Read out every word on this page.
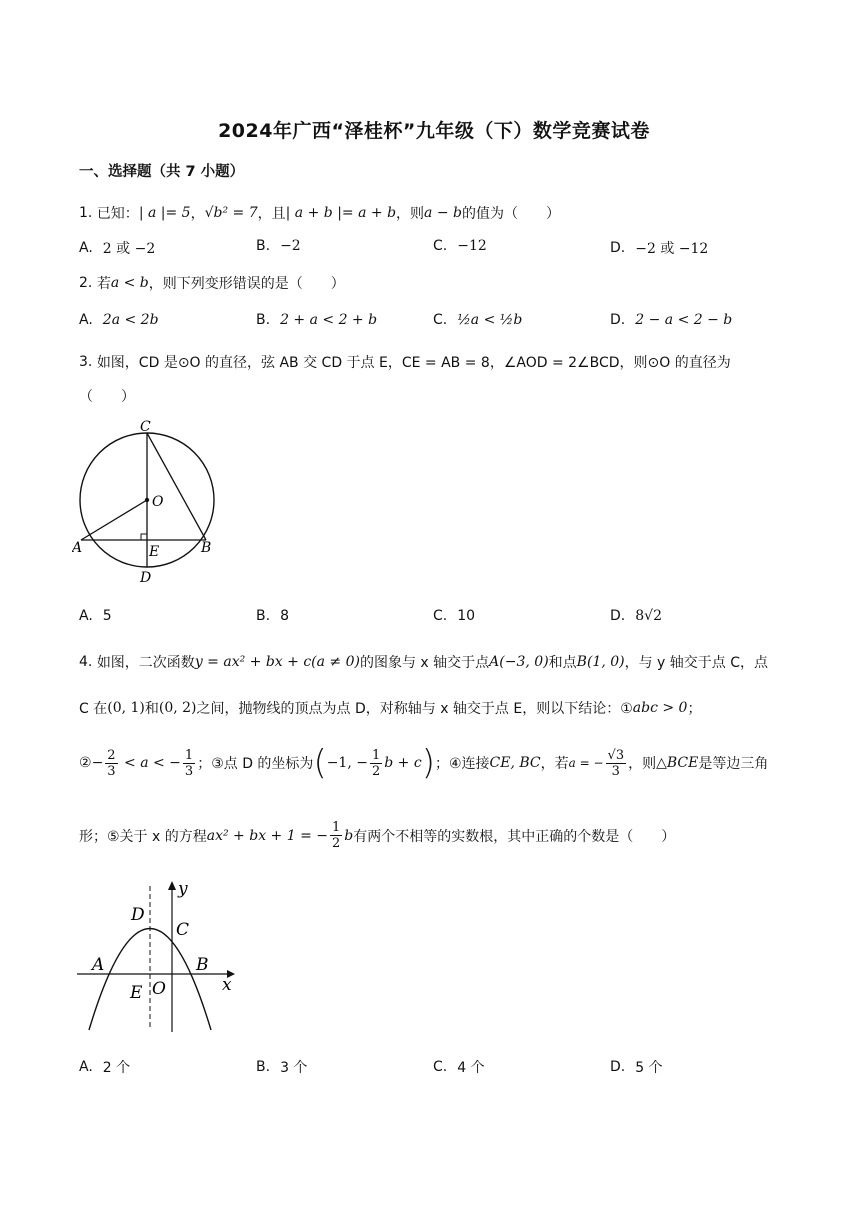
2024年广西“泽桂杯”九年级（下）数学竞赛试卷
一、选择题（共 7 小题）
1.
已知： | a |= 5 ， √b² = 7 ，且 | a + b |= a + b ，则 a − b 的值为（　　）
A. 2 或 −2	B. −2	C. −12	D. −2 或 −12
2.
若 a < b ，则下列变形错误的是（　　）
A. 2a < 2b	B. 2 + a < 2 + b	C. ½a < ½b	D. 2 − a < 2 − b
3.
如图，CD 是⊙O 的直径，弦 AB 交 CD 于点 E，CE = AB = 8，∠AOD = 2∠BCD，则⊙O 的直径为
（　　）
C
O
A	E	B
D
A. 5	B. 8	C. 10	D. 8√2
4.
如图，二次函数 y = ax² + bx + c(a ≠ 0) 的图象与 x 轴交于点 A(−3, 0) 和点 B(1, 0) ，与 y 轴交于点 C，点
C 在 (0, 1) 和 (0, 2) 之间，抛物线的顶点为点 D，对称轴与 x 轴交于点 E，则以下结论：① abc > 0 ；
② − $\frac{2}{3} < a$ < − $\frac{1}{3}$ ；③点 D 的坐标为 ( −1, − $\frac{1}{2}$ b + c ) ；④连接 CE, BC ，若 a = − $\frac{√3}{3}$ ，则 △BCE 是等边三角
形；⑤关于 x 的方程 ax² + bx + 1 = − $\frac{1}{2}$ b 有两个不相等的实数根，其中正确的个数是（　　）
y
D
C
A	B
x
E O
A. 2 个	B. 3 个	C. 4 个	D. 5 个
